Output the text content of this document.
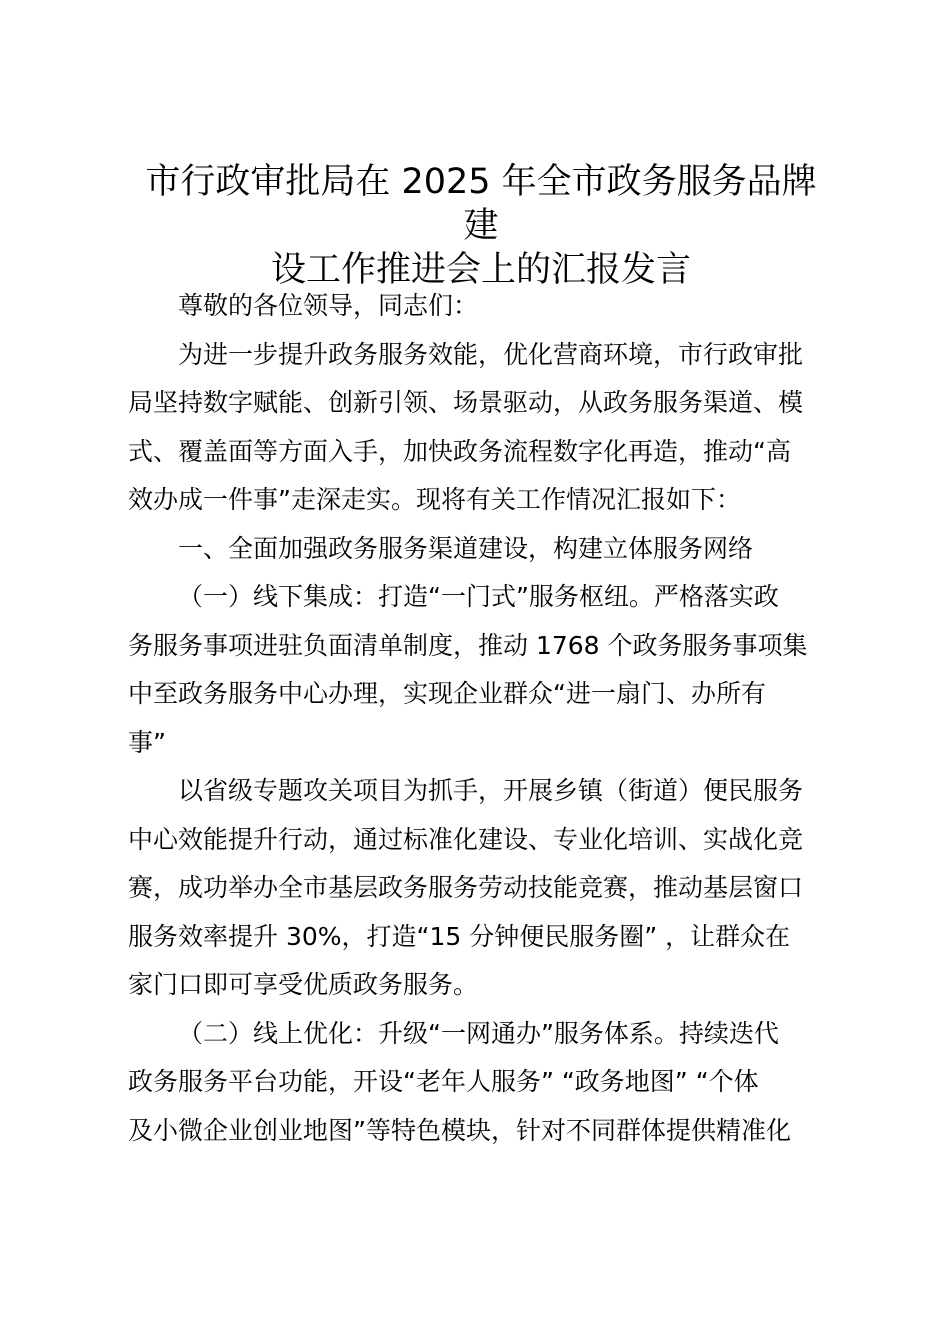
市行政审批局在 2025 年全市政务服务品牌建
设工作推进会上的汇报发言
尊敬的各位领导，同志们：
为进一步提升政务服务效能，优化营商环境，市行政审批
局坚持数字赋能、创新引领、场景驱动，从政务服务渠道、模
式、覆盖面等方面入手，加快政务流程数字化再造，推动“高
效办成一件事”走深走实。现将有关工作情况汇报如下：
一、全面加强政务服务渠道建设，构建立体服务网络
（一）线下集成：打造“一门式”服务枢纽。严格落实政
务服务事项进驻负面清单制度，推动 1768 个政务服务事项集
中至政务服务中心办理，实现企业群众“进一扇门、办所有
事”
以省级专题攻关项目为抓手，开展乡镇（街道）便民服务
中心效能提升行动，通过标准化建设、专业化培训、实战化竞
赛，成功举办全市基层政务服务劳动技能竞赛，推动基层窗口
服务效率提升 30%，打造“15 分钟便民服务圈” ，让群众在
家门口即可享受优质政务服务。
（二）线上优化：升级“一网通办”服务体系。持续迭代
政务服务平台功能，开设“老年人服务” “政务地图” “个体
及小微企业创业地图”等特色模块，针对不同群体提供精准化
